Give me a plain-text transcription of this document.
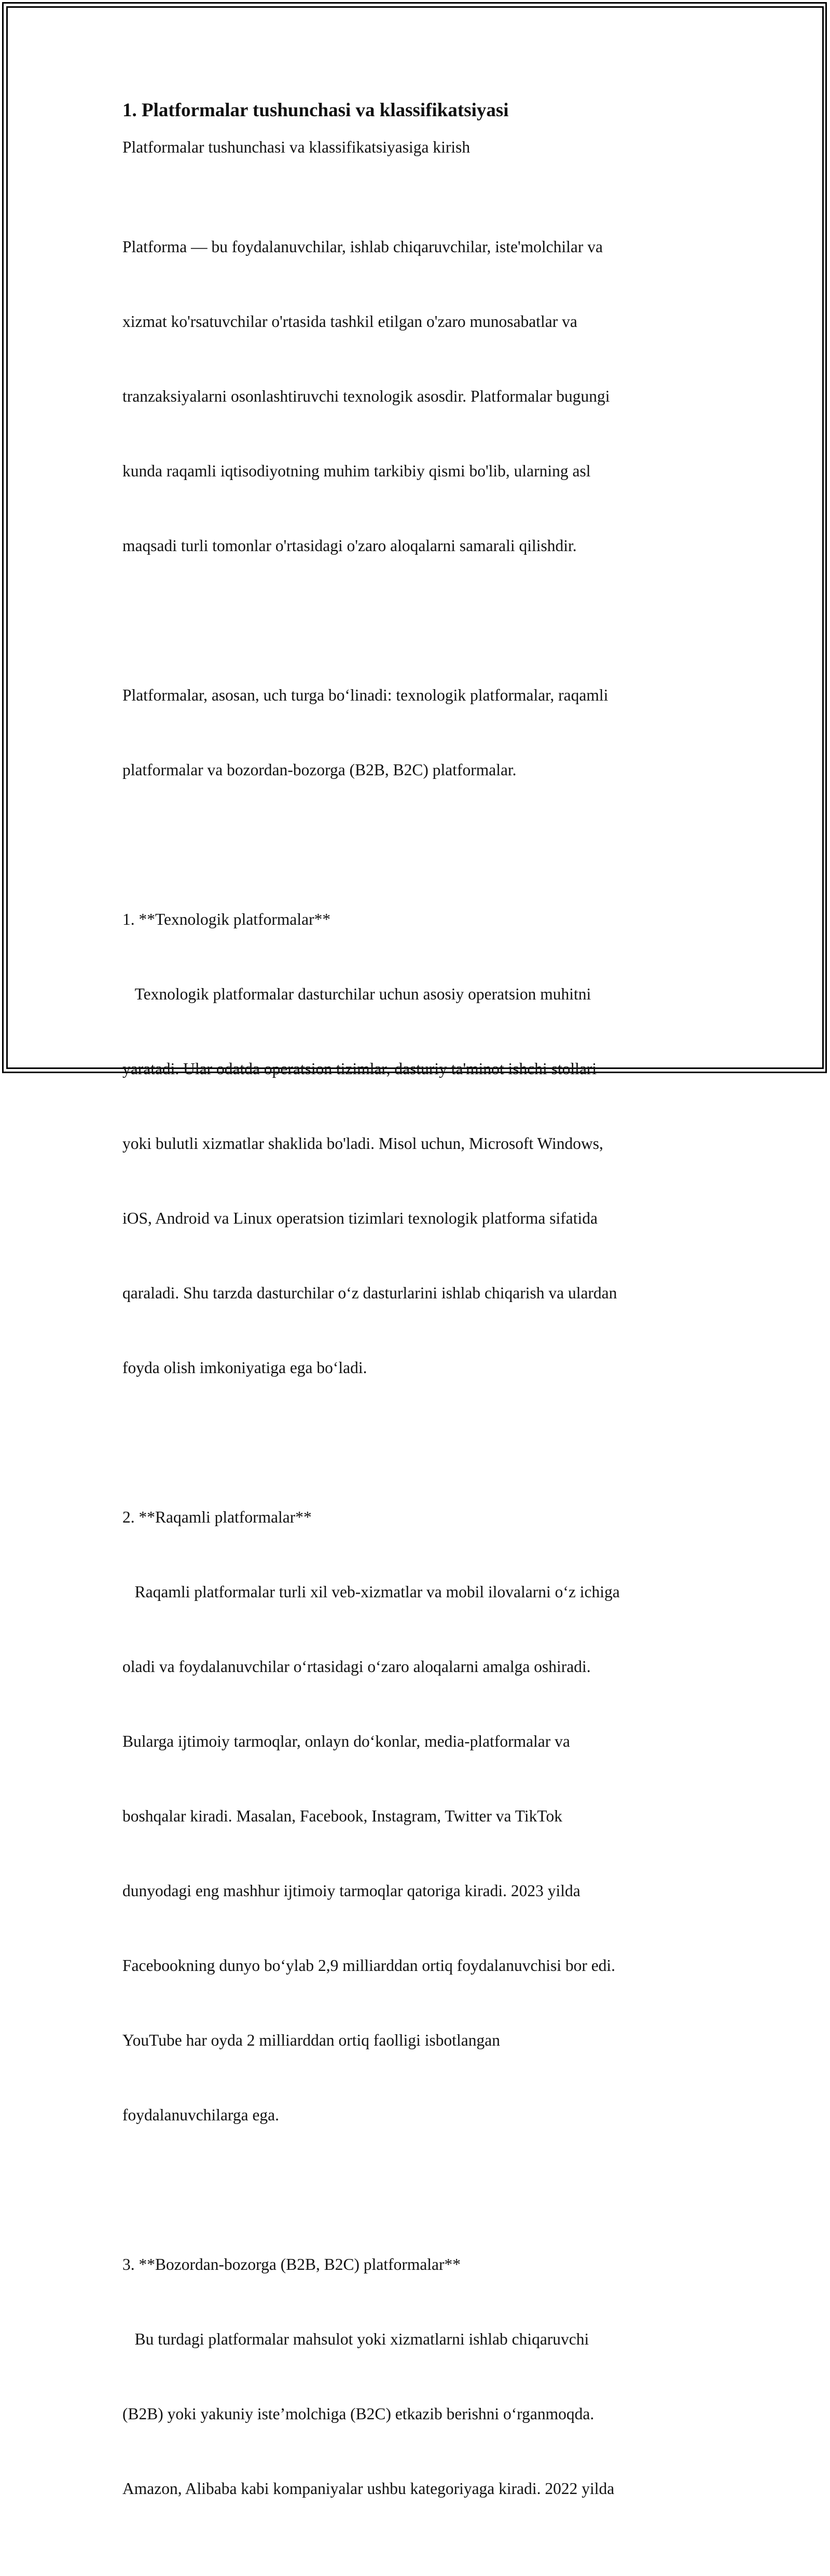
1. Platformalar tushunchasi va klassifikatsiyasi

Platformalar tushunchasi va klassifikatsiyasiga kirish

Platforma — bu foydalanuvchilar, ishlab chiqaruvchilar, iste'molchilar va

xizmat ko'rsatuvchilar o'rtasida tashkil etilgan o'zaro munosabatlar va

tranzaksiyalarni osonlashtiruvchi texnologik asosdir. Platformalar bugungi

kunda raqamli iqtisodiyotning muhim tarkibiy qismi bo'lib, ularning asl

maqsadi turli tomonlar o'rtasidagi o'zaro aloqalarni samarali qilishdir.

Platformalar, asosan, uch turga boʻlinadi: texnologik platformalar, raqamli

platformalar va bozordan-bozorga (B2B, B2C) platformalar.

1. **Texnologik platformalar**

Texnologik platformalar dasturchilar uchun asosiy operatsion muhitni

yaratadi. Ular odatda operatsion tizimlar, dasturiy ta'minot ishchi stollari

yoki bulutli xizmatlar shaklida bo'ladi. Misol uchun, Microsoft Windows,

iOS, Android va Linux operatsion tizimlari texnologik platforma sifatida

qaraladi. Shu tarzda dasturchilar oʻz dasturlarini ishlab chiqarish va ulardan

foyda olish imkoniyatiga ega boʻladi.

2. **Raqamli platformalar**

Raqamli platformalar turli xil veb-xizmatlar va mobil ilovalarni oʻz ichiga

oladi va foydalanuvchilar oʻrtasidagi oʻzaro aloqalarni amalga oshiradi.

Bularga ijtimoiy tarmoqlar, onlayn doʻkonlar, media-platformalar va

boshqalar kiradi. Masalan, Facebook, Instagram, Twitter va TikTok

dunyodagi eng mashhur ijtimoiy tarmoqlar qatoriga kiradi. 2023 yilda

Facebookning dunyo boʻylab 2,9 milliarddan ortiq foydalanuvchisi bor edi.

YouTube har oyda 2 milliarddan ortiq faolligi isbotlangan

foydalanuvchilarga ega.

3. **Bozordan-bozorga (B2B, B2C) platformalar**

Bu turdagi platformalar mahsulot yoki xizmatlarni ishlab chiqaruvchi

(B2B) yoki yakuniy iste’molchiga (B2C) etkazib berishni oʻrganmoqda.

Amazon, Alibaba kabi kompaniyalar ushbu kategoriyaga kiradi. 2022 yilda
